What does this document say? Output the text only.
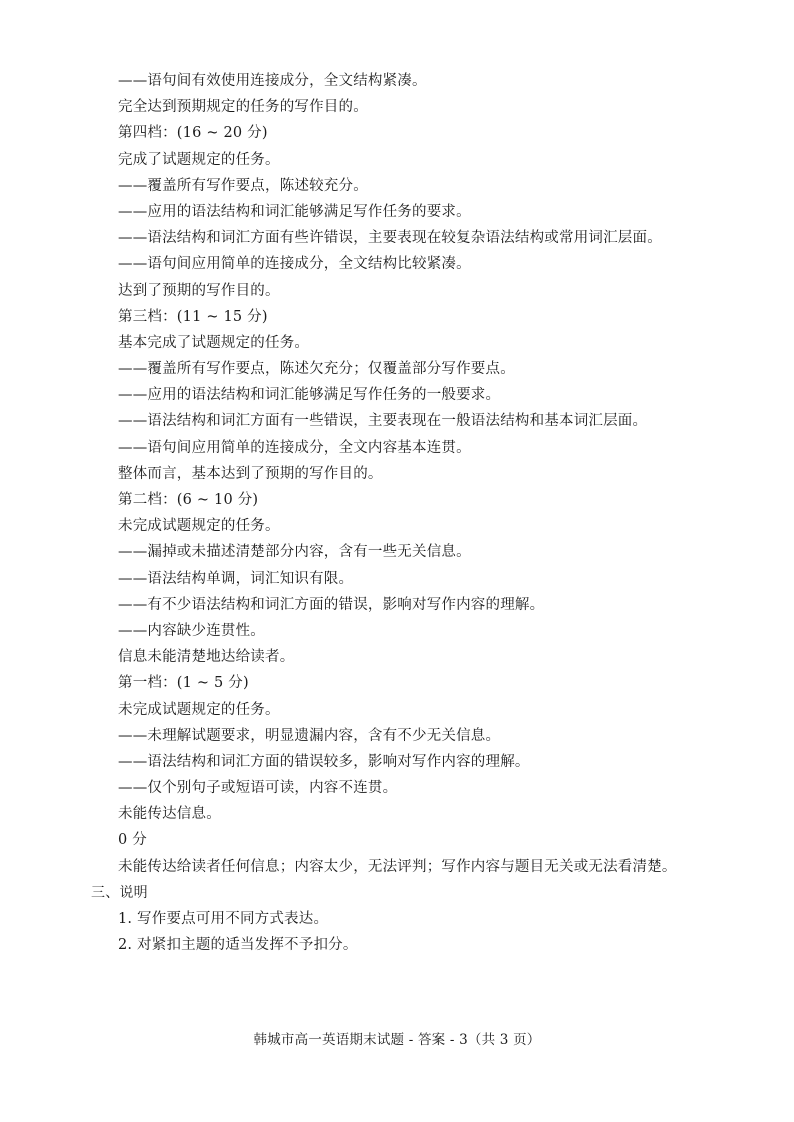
——语句间有效使用连接成分，全文结构紧凑。
完全达到预期规定的任务的写作目的。
第四档：(16 ~ 20 分)
完成了试题规定的任务。
——覆盖所有写作要点，陈述较充分。
——应用的语法结构和词汇能够满足写作任务的要求。
——语法结构和词汇方面有些许错误，主要表现在较复杂语法结构或常用词汇层面。
——语句间应用简单的连接成分，全文结构比较紧凑。
达到了预期的写作目的。
第三档：(11 ~ 15 分)
基本完成了试题规定的任务。
——覆盖所有写作要点，陈述欠充分；仅覆盖部分写作要点。
——应用的语法结构和词汇能够满足写作任务的一般要求。
——语法结构和词汇方面有一些错误，主要表现在一般语法结构和基本词汇层面。
——语句间应用简单的连接成分，全文内容基本连贯。
整体而言，基本达到了预期的写作目的。
第二档：(6 ~ 10 分)
未完成试题规定的任务。
——漏掉或未描述清楚部分内容，含有一些无关信息。
——语法结构单调，词汇知识有限。
——有不少语法结构和词汇方面的错误，影响对写作内容的理解。
——内容缺少连贯性。
信息未能清楚地达给读者。
第一档：(1 ~ 5 分)
未完成试题规定的任务。
——未理解试题要求，明显遗漏内容，含有不少无关信息。
——语法结构和词汇方面的错误较多，影响对写作内容的理解。
——仅个别句子或短语可读，内容不连贯。
未能传达信息。
0 分
未能传达给读者任何信息；内容太少，无法评判；写作内容与题目无关或无法看清楚。
三、说明
1. 写作要点可用不同方式表达。
2. 对紧扣主题的适当发挥不予扣分。
韩城市高一英语期末试题 - 答案 - 3（共 3 页）
